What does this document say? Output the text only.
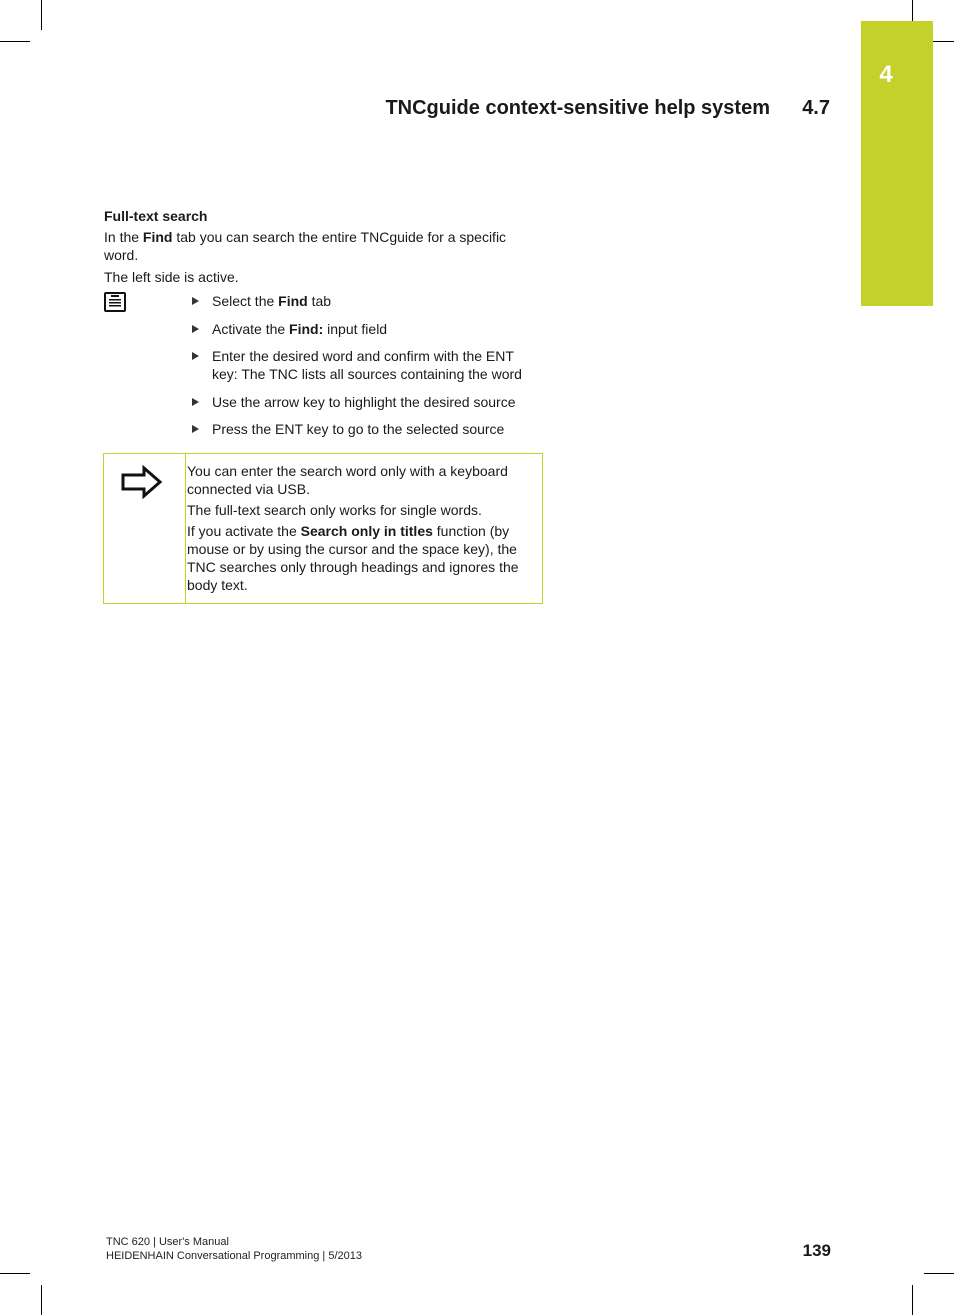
4
TNCguide context-sensitive help system 4.7

Full-text search

In the Find tab you can search the entire TNCguide for a specific word.

The left side is active.

Select the Find tab
Activate the Find: input field
Enter the desired word and confirm with the ENT key: The TNC lists all sources containing the word
Use the arrow key to highlight the desired source
Press the ENT key to go to the selected source

You can enter the search word only with a keyboard connected via USB.

The full-text search only works for single words.

If you activate the Search only in titles function (by mouse or by using the cursor and the space key), the TNC searches only through headings and ignores the body text.

TNC 620 | User's Manual
HEIDENHAIN Conversational Programming | 5/2013	139
